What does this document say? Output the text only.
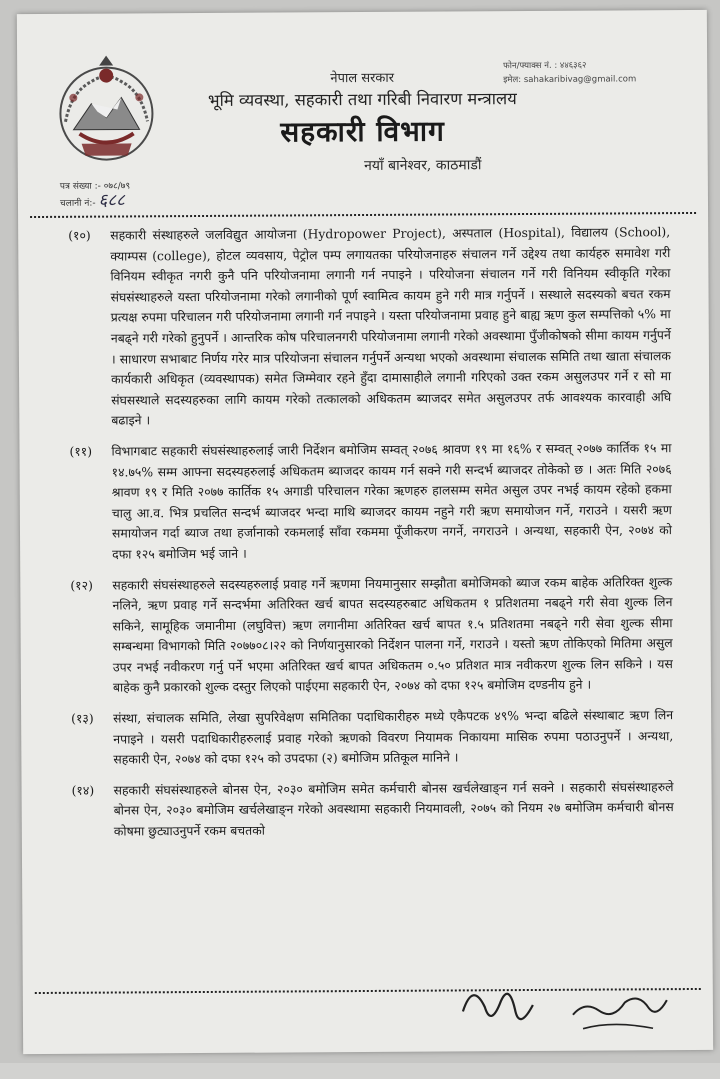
फोन/फ्याक्स नं. : ४४६३६२
इमेल: sahakaribivag@gmail.com
नेपाल सरकार
भूमि व्यवस्था, सहकारी तथा गरिबी निवारण मन्त्रालय
सहकारी विभाग
नयाँ बानेश्वर, काठमाडौं
पत्र संख्या :- ०७८/७९
चलानी नं:- ६८८
(१०) सहकारी संस्थाहरुले जलविद्युत आयोजना (Hydropower Project), अस्पताल (Hospital), विद्यालय (School), क्याम्पस (college), होटल व्यवसाय, पेट्रोल पम्प लगायतका परियोजनाहरु संचालन गर्ने उद्देश्य तथा कार्यहरु समावेश गरी विनियम स्वीकृत नगरी कुनै पनि परियोजनामा लगानी गर्न नपाइने । परियोजना संचालन गर्ने गरी विनियम स्वीकृति गरेका संघसंस्थाहरुले यस्ता परियोजनामा गरेको लगानीको पूर्ण स्वामित्व कायम हुने गरी मात्र गर्नुपर्ने । सस्थाले सदस्यको बचत रकम प्रत्यक्ष रुपमा परिचालन गरी परियोजनामा लगानी गर्न नपाइने । यस्ता परियोजनामा प्रवाह हुने बाह्य ऋण कुल सम्पत्तिको ५% मा नबढ्ने गरी गरेको हुनुपर्ने । आन्तरिक कोष परिचालनगरी परियोजनामा लगानी गरेको अवस्थामा पुँजीकोषको सीमा कायम गर्नुपर्ने । साधारण सभाबाट निर्णय गरेर मात्र परियोजना संचालन गर्नुपर्ने अन्यथा भएको अवस्थामा संचालक समिति तथा खाता संचालक कार्यकारी अधिकृत (व्यवस्थापक) समेत जिम्मेवार रहने हुँदा दामासाहीले लगानी गरिएको उक्त रकम असुलउपर गर्ने र सो मा संघसस्थाले सदस्यहरुका लागि कायम गरेको तत्कालको अधिकतम ब्याजदर समेत असुलउपर तर्फ आवश्यक कारवाही अघि बढाइने ।
(११) विभागबाट सहकारी संघसंस्थाहरुलाई जारी निर्देशन बमोजिम सम्वत् २०७६ श्रावण १९ मा १६% र सम्वत् २०७७ कार्तिक १५ मा १४.७५% सम्म आफ्ना सदस्यहरुलाई अधिकतम ब्याजदर कायम गर्न सक्ने गरी सन्दर्भ ब्याजदर तोकेको छ । अतः मिति २०७६ श्रावण १९ र मिति २०७७ कार्तिक १५ अगाडी परिचालन गरेका ऋणहरु हालसम्म समेत असुल उपर नभई कायम रहेको हकमा चालु आ.व. भित्र प्रचलित सन्दर्भ ब्याजदर भन्दा माथि ब्याजदर कायम नहुने गरी ऋण समायोजन गर्ने, गराउने । यसरी ऋण समायोजन गर्दा ब्याज तथा हर्जानाको रकमलाई साँवा रकममा पूँजीकरण नगर्ने, नगराउने । अन्यथा, सहकारी ऐन, २०७४ को दफा १२५ बमोजिम भई जाने ।
(१२) सहकारी संघसंस्थाहरुले सदस्यहरुलाई प्रवाह गर्ने ऋणमा नियमानुसार सम्झौता बमोजिमको ब्याज रकम बाहेक अतिरिक्त शुल्क नलिने, ऋण प्रवाह गर्ने सन्दर्भमा अतिरिक्त खर्च बापत सदस्यहरुबाट अधिकतम १ प्रतिशतमा नबढ्ने गरी सेवा शुल्क लिन सकिने, सामूहिक जमानीमा (लघुवित्त) ऋण लगानीमा अतिरिक्त खर्च बापत १.५ प्रतिशतमा नबढ्ने गरी सेवा शुल्क सीमा सम्बन्धमा विभागको मिति २०७७०८।२२ को निर्णयानुसारको निर्देशन पालना गर्ने, गराउने । यस्तो ऋण तोकिएको मितिमा असुल उपर नभई नवीकरण गर्नु पर्ने भएमा अतिरिक्त खर्च बापत अधिकतम ०.५० प्रतिशत मात्र नवीकरण शुल्क लिन सकिने । यस बाहेक कुनै प्रकारको शुल्क दस्तुर लिएको पाईएमा सहकारी ऐन, २०७४ को दफा १२५ बमोजिम दण्डनीय हुने ।
(१३) संस्था, संचालक समिति, लेखा सुपरिवेक्षण समितिका पदाधिकारीहरु मध्ये एकैपटक ४९% भन्दा बढिले संस्थाबाट ऋण लिन नपाइने । यसरी पदाधिकारीहरुलाई प्रवाह गरेको ऋणको विवरण नियामक निकायमा मासिक रुपमा पठाउनुपर्ने । अन्यथा, सहकारी ऐन, २०७४ को दफा १२५ को उपदफा (२) बमोजिम प्रतिकूल मानिने ।
(१४) सहकारी संघसंस्थाहरुले बोनस ऐन, २०३० बमोजिम समेत कर्मचारी बोनस खर्चलेखाङ्न गर्न सक्ने । सहकारी संघसंस्थाहरुले बोनस ऐन, २०३० बमोजिम खर्चलेखाङ्न गरेको अवस्थामा सहकारी नियमावली, २०७५ को नियम २७ बमोजिम कर्मचारी बोनस कोषमा छुट्याउनुपर्ने रकम बचतको
